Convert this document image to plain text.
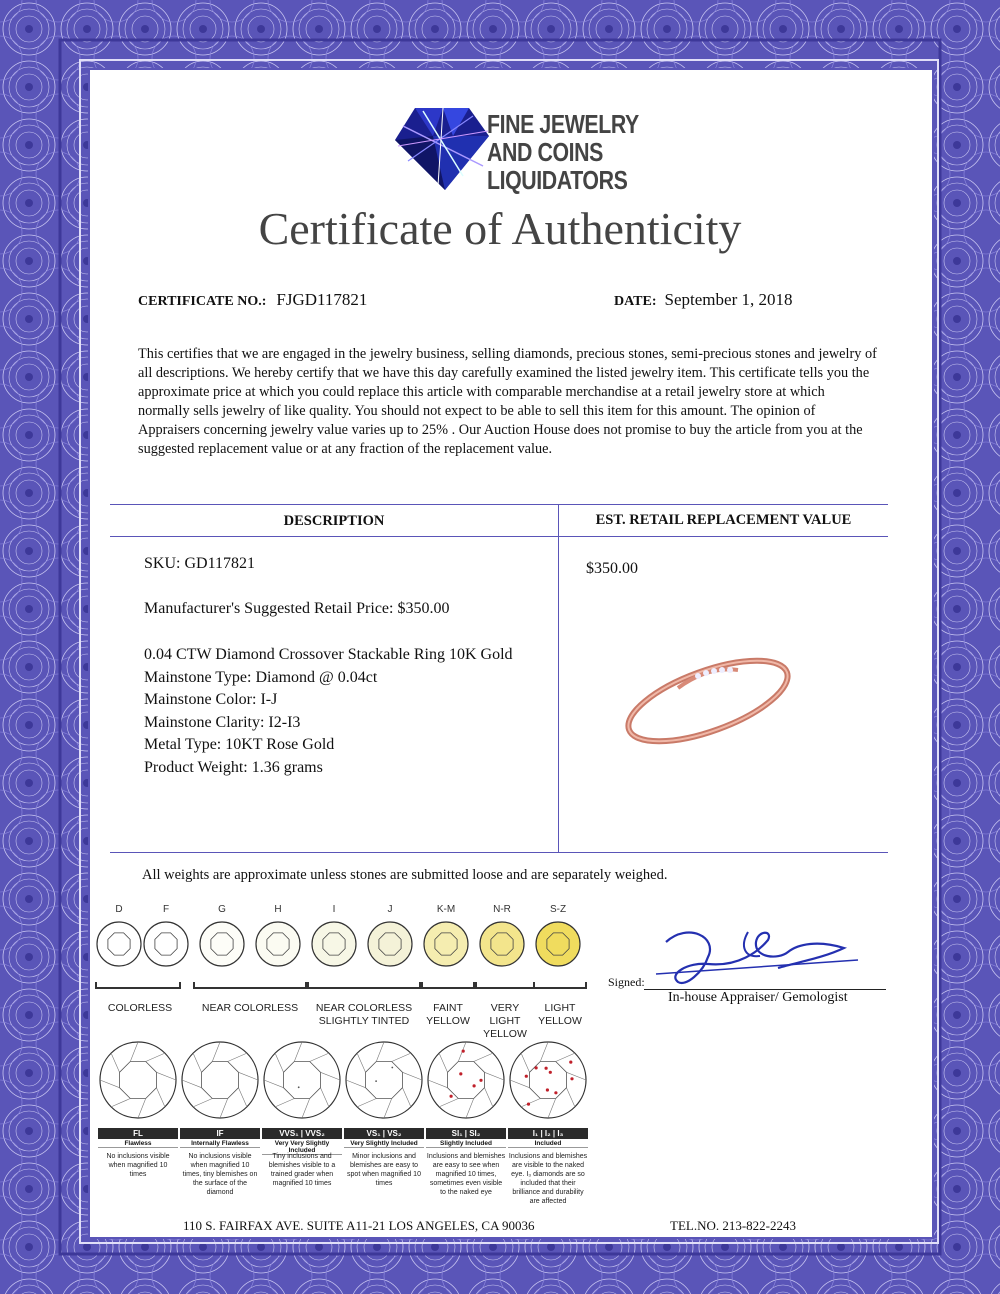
FINE JEWELRY
AND COINS
LIQUIDATORS
Certificate of Authenticity
CERTIFICATE NO.: FJGD117821	DATE: September 1, 2018
This certifies that we are engaged in the jewelry business, selling diamonds, precious stones, semi-precious stones and jewelry of all descriptions. We hereby certify that we have this day carefully examined the listed jewelry item. This certificate tells you the approximate price at which you could replace this article with comparable merchandise at a retail jewelry store at which normally sells jewelry of like quality. You should not expect to be able to sell this item for this amount. The opinion of Appraisers concerning jewelry value varies up to 25% . Our Auction House does not promise to buy the article from you at the suggested replacement value or at any fraction of the replacement value.
DESCRIPTION	EST. RETAIL REPLACEMENT VALUE
SKU: GD117821
Manufacturer's Suggested Retail Price: $350.00
0.04 CTW Diamond Crossover Stackable Ring 10K Gold
Mainstone Type: Diamond @ 0.04ct
Mainstone Color: I-J
Mainstone Clarity: I2-I3
Metal Type: 10KT Rose Gold
Product Weight: 1.36 grams
$350.00
All weights are approximate unless stones are submitted loose and are separately weighed.
D	F	G	H	I	J	K-M	N-R	S-Z
COLORLESS	NEAR COLORLESS	NEAR COLORLESS
SLIGHTLY TINTED
FAINT
YELLOW
VERY LIGHT
YELLOW
LIGHT
YELLOW
FL
Flawless
No inclusions visible
when magnified 10
times
IF
Internally Flawless
No inclusions visible
when magnified 10
times, tiny blemishes on
the surface of the
diamond
VVS₁ | VVS₂
Very Very Slightly Included
Tiny inclusions and
blemishes visible to a
trained grader when
magnified 10 times
VS₁ | VS₂
Very Slightly Included
Minor inclusions and
blemishes are easy to
spot when magnified 10
times
SI₁ | SI₂
Slightly Included
Inclusions and blemishes
are easy to see when
magnified 10 times,
sometimes even visible
to the naked eye
I₁ | I₂ | I₃
Included
Inclusions and blemishes
are visible to the naked
eye. I₃ diamonds are so
included that their
brilliance and durability
are affected
Signed:
In-house Appraiser/ Gemologist
110 S. FAIRFAX AVE. SUITE A11-21 LOS ANGELES, CA 90036	TEL.NO. 213-822-2243
